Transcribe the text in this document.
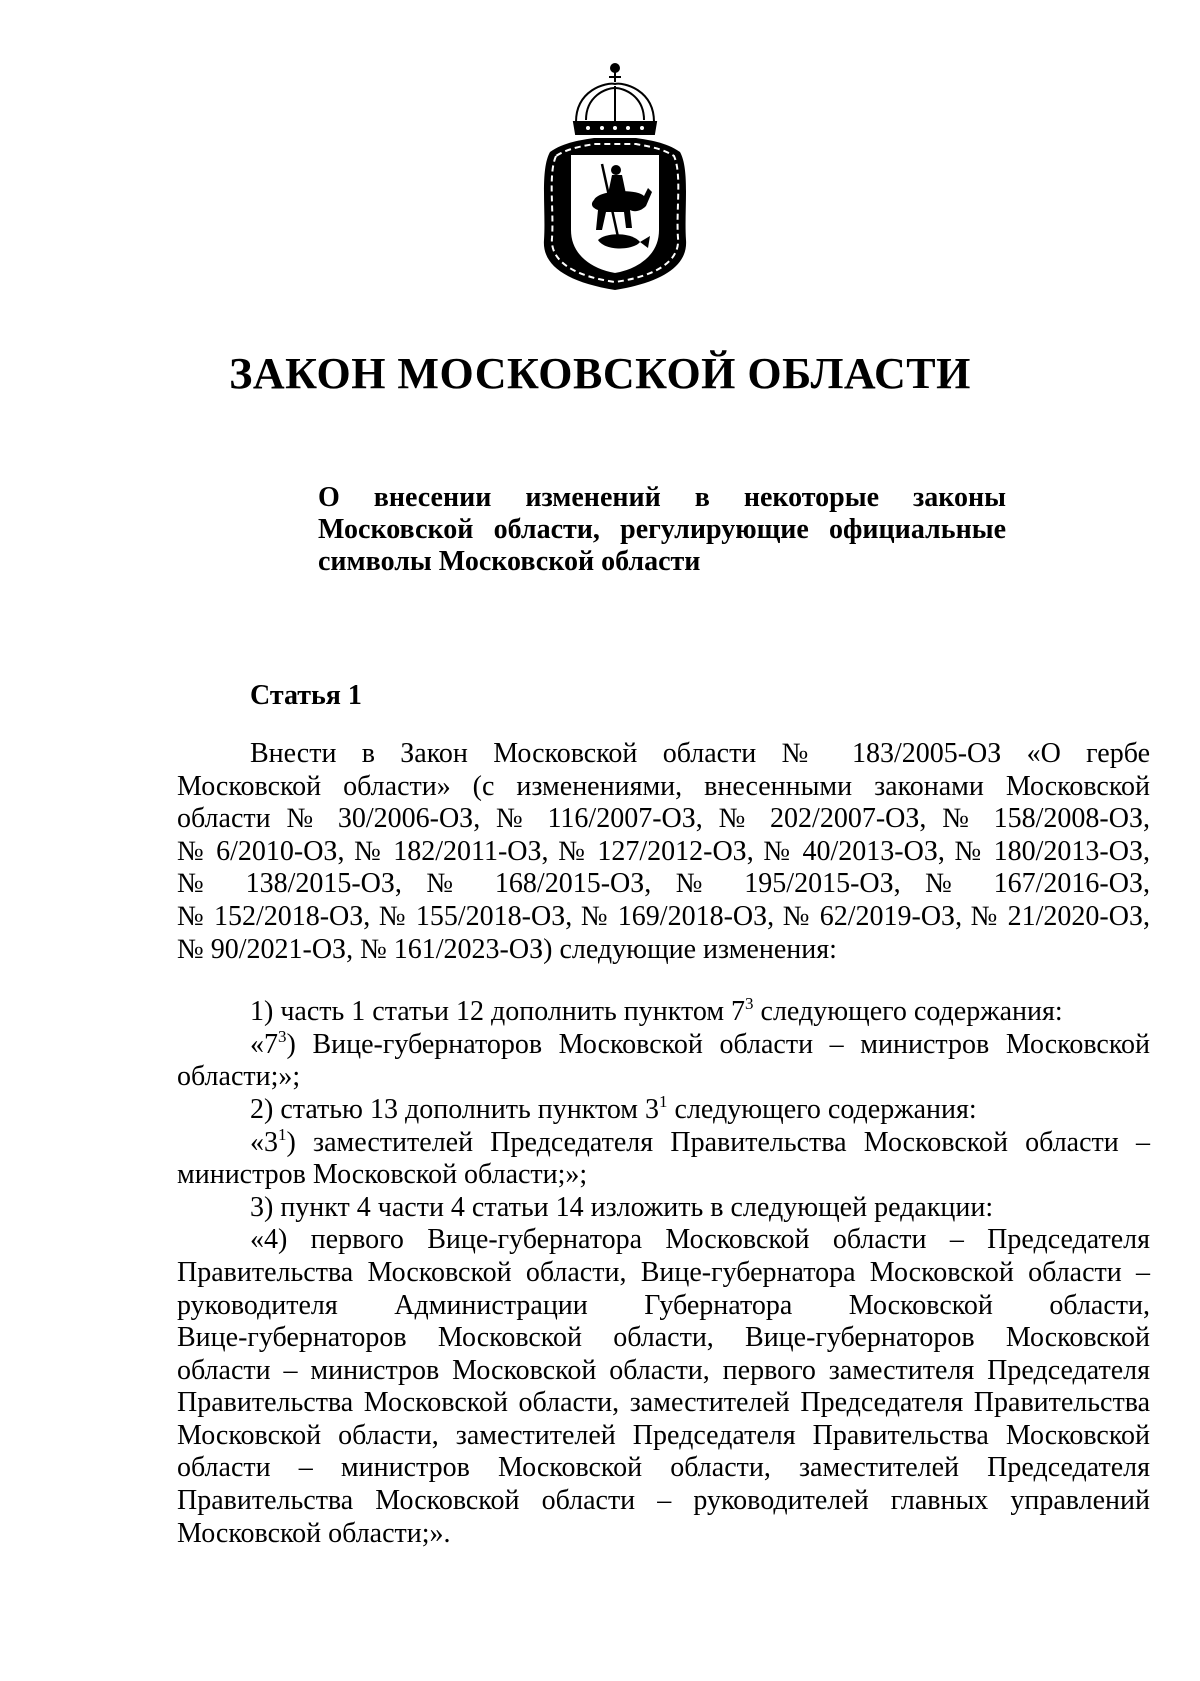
ЗАКОН МОСКОВСКОЙ ОБЛАСТИ
О внесении изменений в некоторые законы
Московской области, регулирующие официальные
символы Московской области
Статья 1
Внести в Закон Московской области № 183/2005-ОЗ «О гербе
Московской области» (с изменениями, внесенными законами Московской
области № 30/2006-ОЗ, № 116/2007-ОЗ, № 202/2007-ОЗ, № 158/2008-ОЗ,
№ 6/2010-ОЗ, № 182/2011-ОЗ, № 127/2012-ОЗ, № 40/2013-ОЗ, № 180/2013-ОЗ,
№ 138/2015-ОЗ, № 168/2015-ОЗ, № 195/2015-ОЗ, № 167/2016-ОЗ,
№ 152/2018-ОЗ, № 155/2018-ОЗ, № 169/2018-ОЗ, № 62/2019-ОЗ, № 21/2020-ОЗ,
№ 90/2021-ОЗ, № 161/2023-ОЗ) следующие изменения:
1) часть 1 статьи 12 дополнить пунктом $7^3$ следующего содержания:
«$7^3$) Вице-губернаторов Московской области – министров Московской
области;»;
2) статью 13 дополнить пунктом $3^1$ следующего содержания:
«$3^1$) заместителей Председателя Правительства Московской области –
министров Московской области;»;
3) пункт 4 части 4 статьи 14 изложить в следующей редакции:
«4) первого Вице-губернатора Московской области – Председателя
Правительства Московской области, Вице-губернатора Московской области –
руководителя Администрации Губернатора Московской области,
Вице-губернаторов Московской области, Вице-губернаторов Московской
области – министров Московской области, первого заместителя Председателя
Правительства Московской области, заместителей Председателя Правительства
Московской области, заместителей Председателя Правительства Московской
области – министров Московской области, заместителей Председателя
Правительства Московской области – руководителей главных управлений
Московской области;».
